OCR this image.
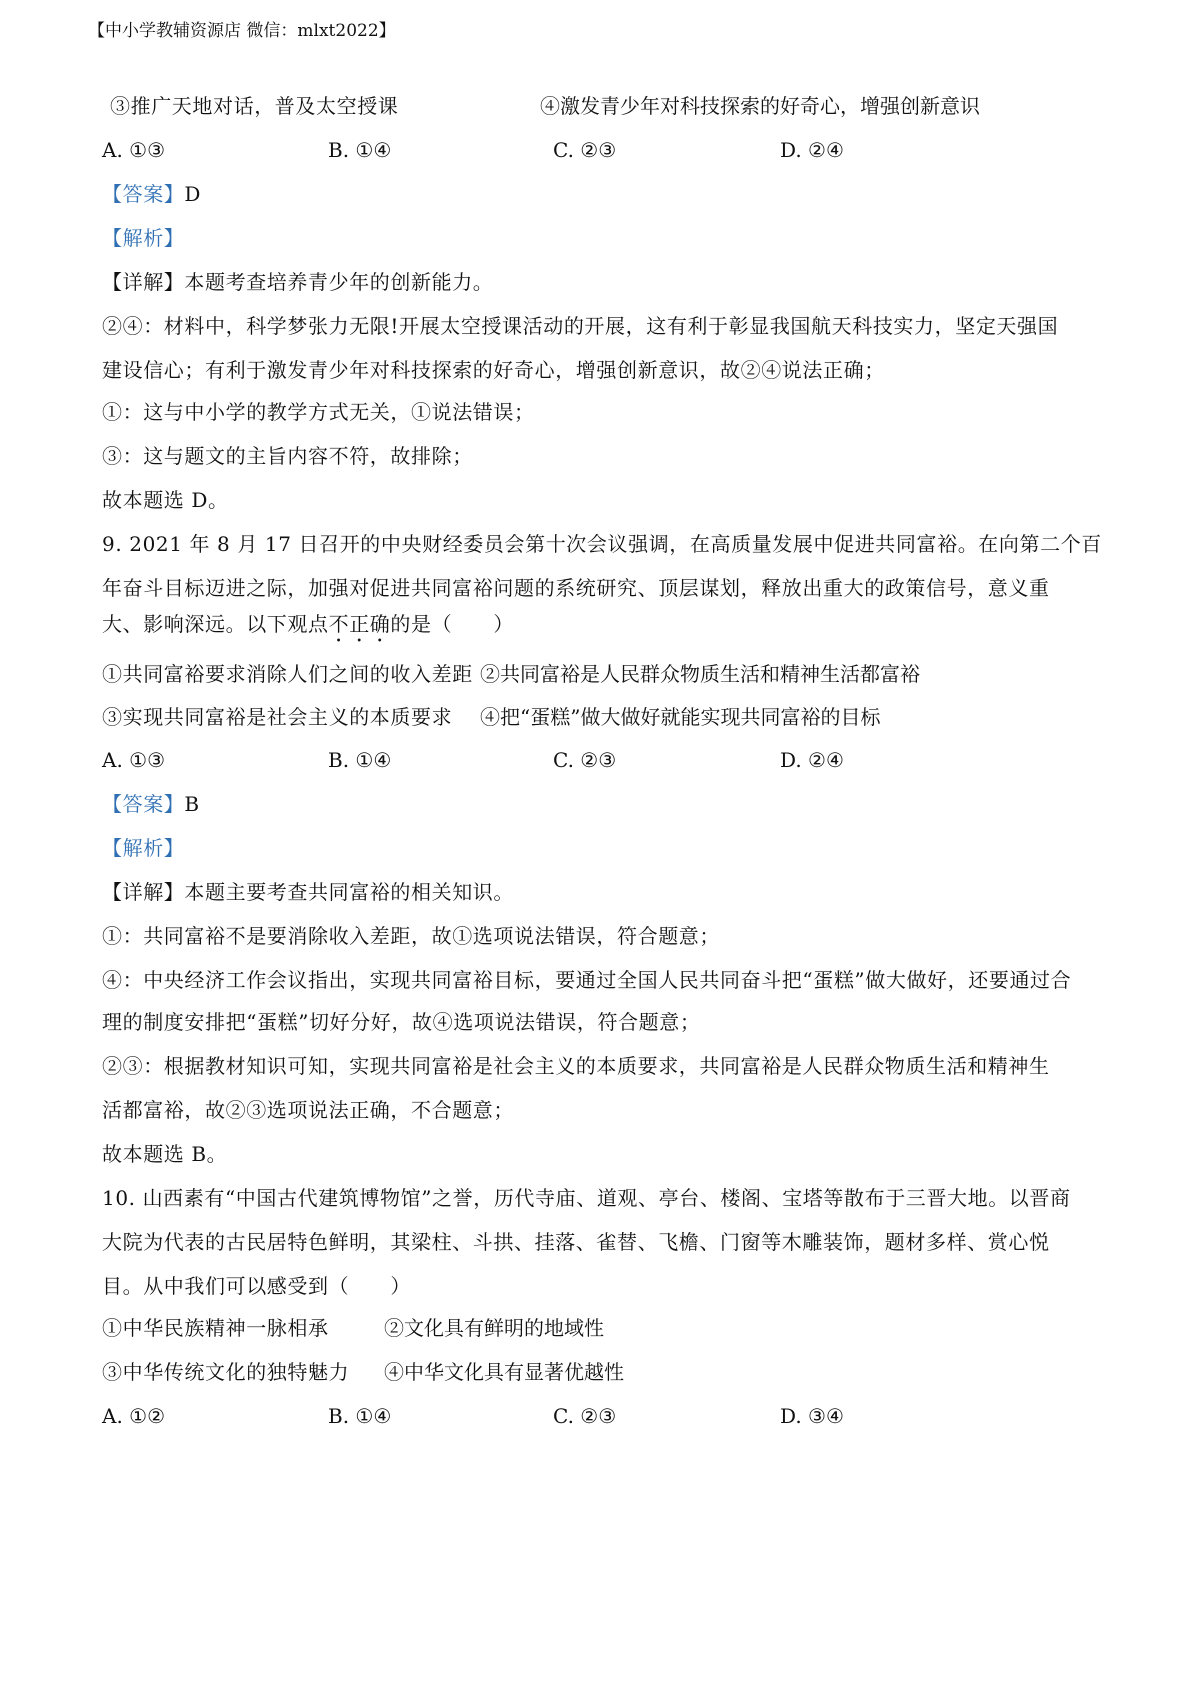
【中小学教辅资源店 微信：mlxt2022】
③推广天地对话，普及太空授课	④激发青少年对科技探索的好奇心，增强创新意识
A. ①③	B. ①④	C. ②③	D. ②④
【答案】D
【解析】
【详解】本题考查培养青少年的创新能力。
②④：材料中，科学梦张力无限!开展太空授课活动的开展，这有利于彰显我国航天科技实力，坚定天强国
建设信心；有利于激发青少年对科技探索的好奇心，增强创新意识，故②④说法正确；
①：这与中小学的教学方式无关，①说法错误；
③：这与题文的主旨内容不符，故排除；
故本题选 D。
9. 2021 年 8 月 17 日召开的中央财经委员会第十次会议强调，在高质量发展中促进共同富裕。在向第二个百
年奋斗目标迈进之际，加强对促进共同富裕问题的系统研究、顶层谋划，释放出重大的政策信号，意义重
大、影响深远。以下观点不正确的是（　　）
①共同富裕要求消除人们之间的收入差距 ②共同富裕是人民群众物质生活和精神生活都富裕
③实现共同富裕是社会主义的本质要求 ④把“蛋糕”做大做好就能实现共同富裕的目标
A. ①③	B. ①④	C. ②③	D. ②④
【答案】B
【解析】
【详解】本题主要考查共同富裕的相关知识。
①：共同富裕不是要消除收入差距，故①选项说法错误，符合题意；
④：中央经济工作会议指出，实现共同富裕目标，要通过全国人民共同奋斗把“蛋糕”做大做好，还要通过合
理的制度安排把“蛋糕”切好分好，故④选项说法错误，符合题意；
②③：根据教材知识可知，实现共同富裕是社会主义的本质要求，共同富裕是人民群众物质生活和精神生
活都富裕，故②③选项说法正确，不合题意；
故本题选 B。
10. 山西素有“中国古代建筑博物馆”之誉，历代寺庙、道观、亭台、楼阁、宝塔等散布于三晋大地。以晋商
大院为代表的古民居特色鲜明，其梁柱、斗拱、挂落、雀替、飞檐、门窗等木雕装饰，题材多样、赏心悦
目。从中我们可以感受到（　　）
①中华民族精神一脉相承	②文化具有鲜明的地域性
③中华传统文化的独特魅力 ④中华文化具有显著优越性
A. ①②	B. ①④	C. ②③	D. ③④
